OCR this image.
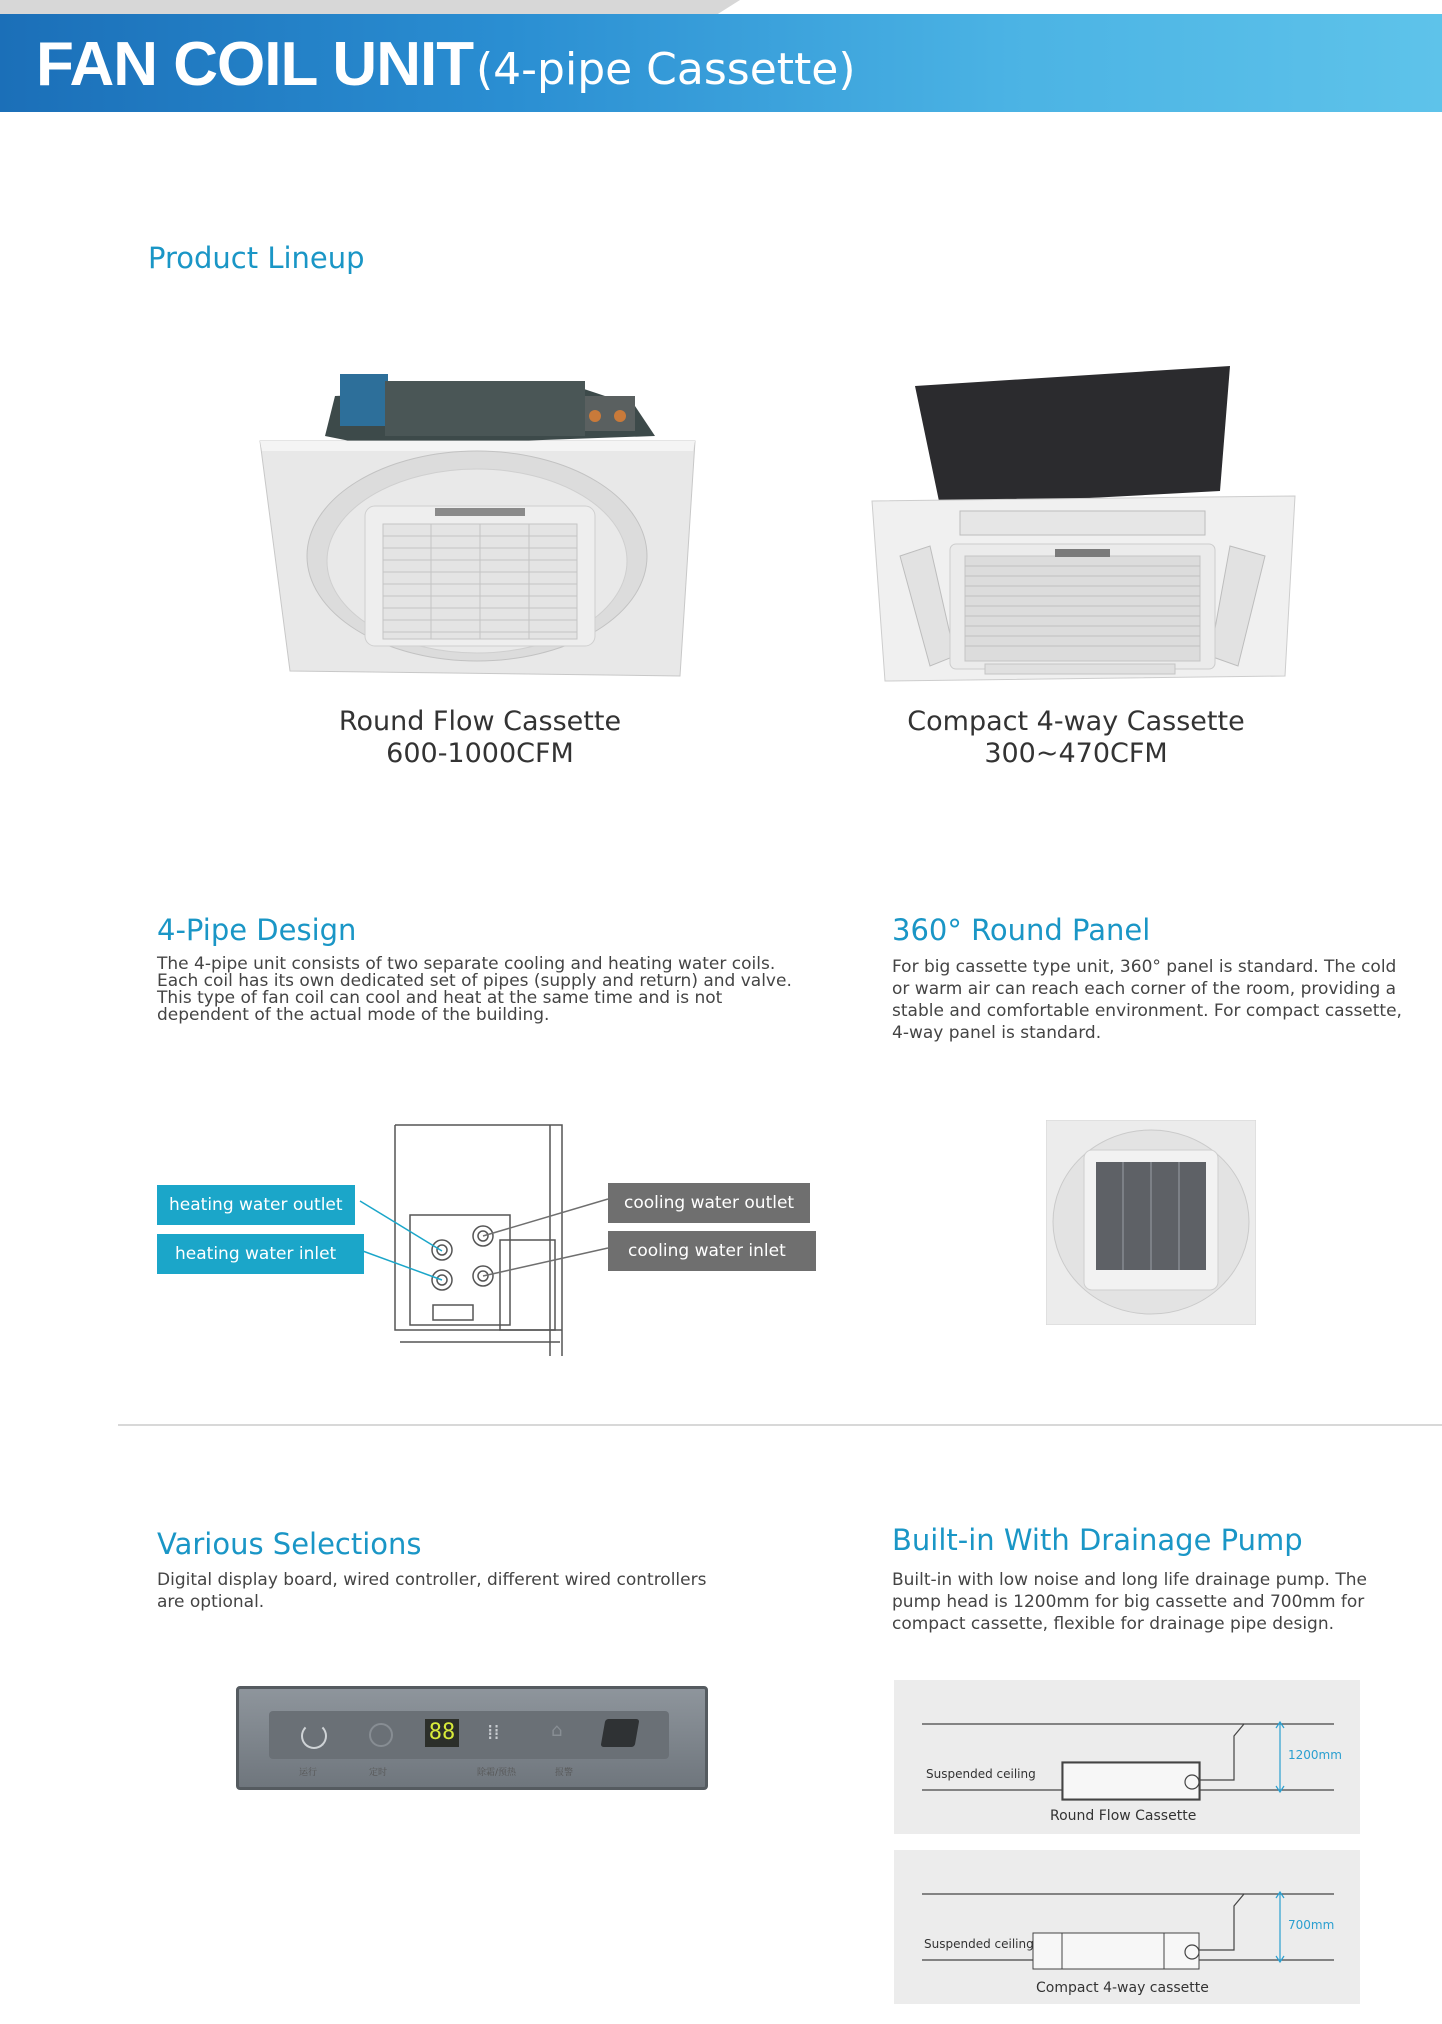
FAN COIL UNIT (4-pipe Cassette)
Product Lineup
Round Flow Cassette
600-1000CFM
Compact 4-way Cassette
300~470CFM
4-Pipe Design
The 4-pipe unit consists of two separate cooling and heating water coils. Each coil has its own dedicated set of pipes (supply and return) and valve. This type of fan coil can cool and heat at the same time and is not dependent of the actual mode of the building.
360° Round Panel
For big cassette type unit, 360° panel is standard. The cold or warm air can reach each corner of the room, providing a stable and comfortable environment. For compact cassette, 4-way panel is standard.
heating water outlet
heating water inlet
cooling water outlet
cooling water inlet
Various Selections
Digital display board, wired controller, different wired controllers are optional.
88 ⁞⁞	⌂
运行	定时	除霜/预热	报警
Built-in With Drainage Pump
Built-in with low noise and long life drainage pump. The pump head is 1200mm for big cassette and 700mm for compact cassette, flexible for drainage pipe design.
Suspended ceiling
1200mm
Round Flow Cassette
Suspended ceiling
700mm
Compact 4-way cassette
